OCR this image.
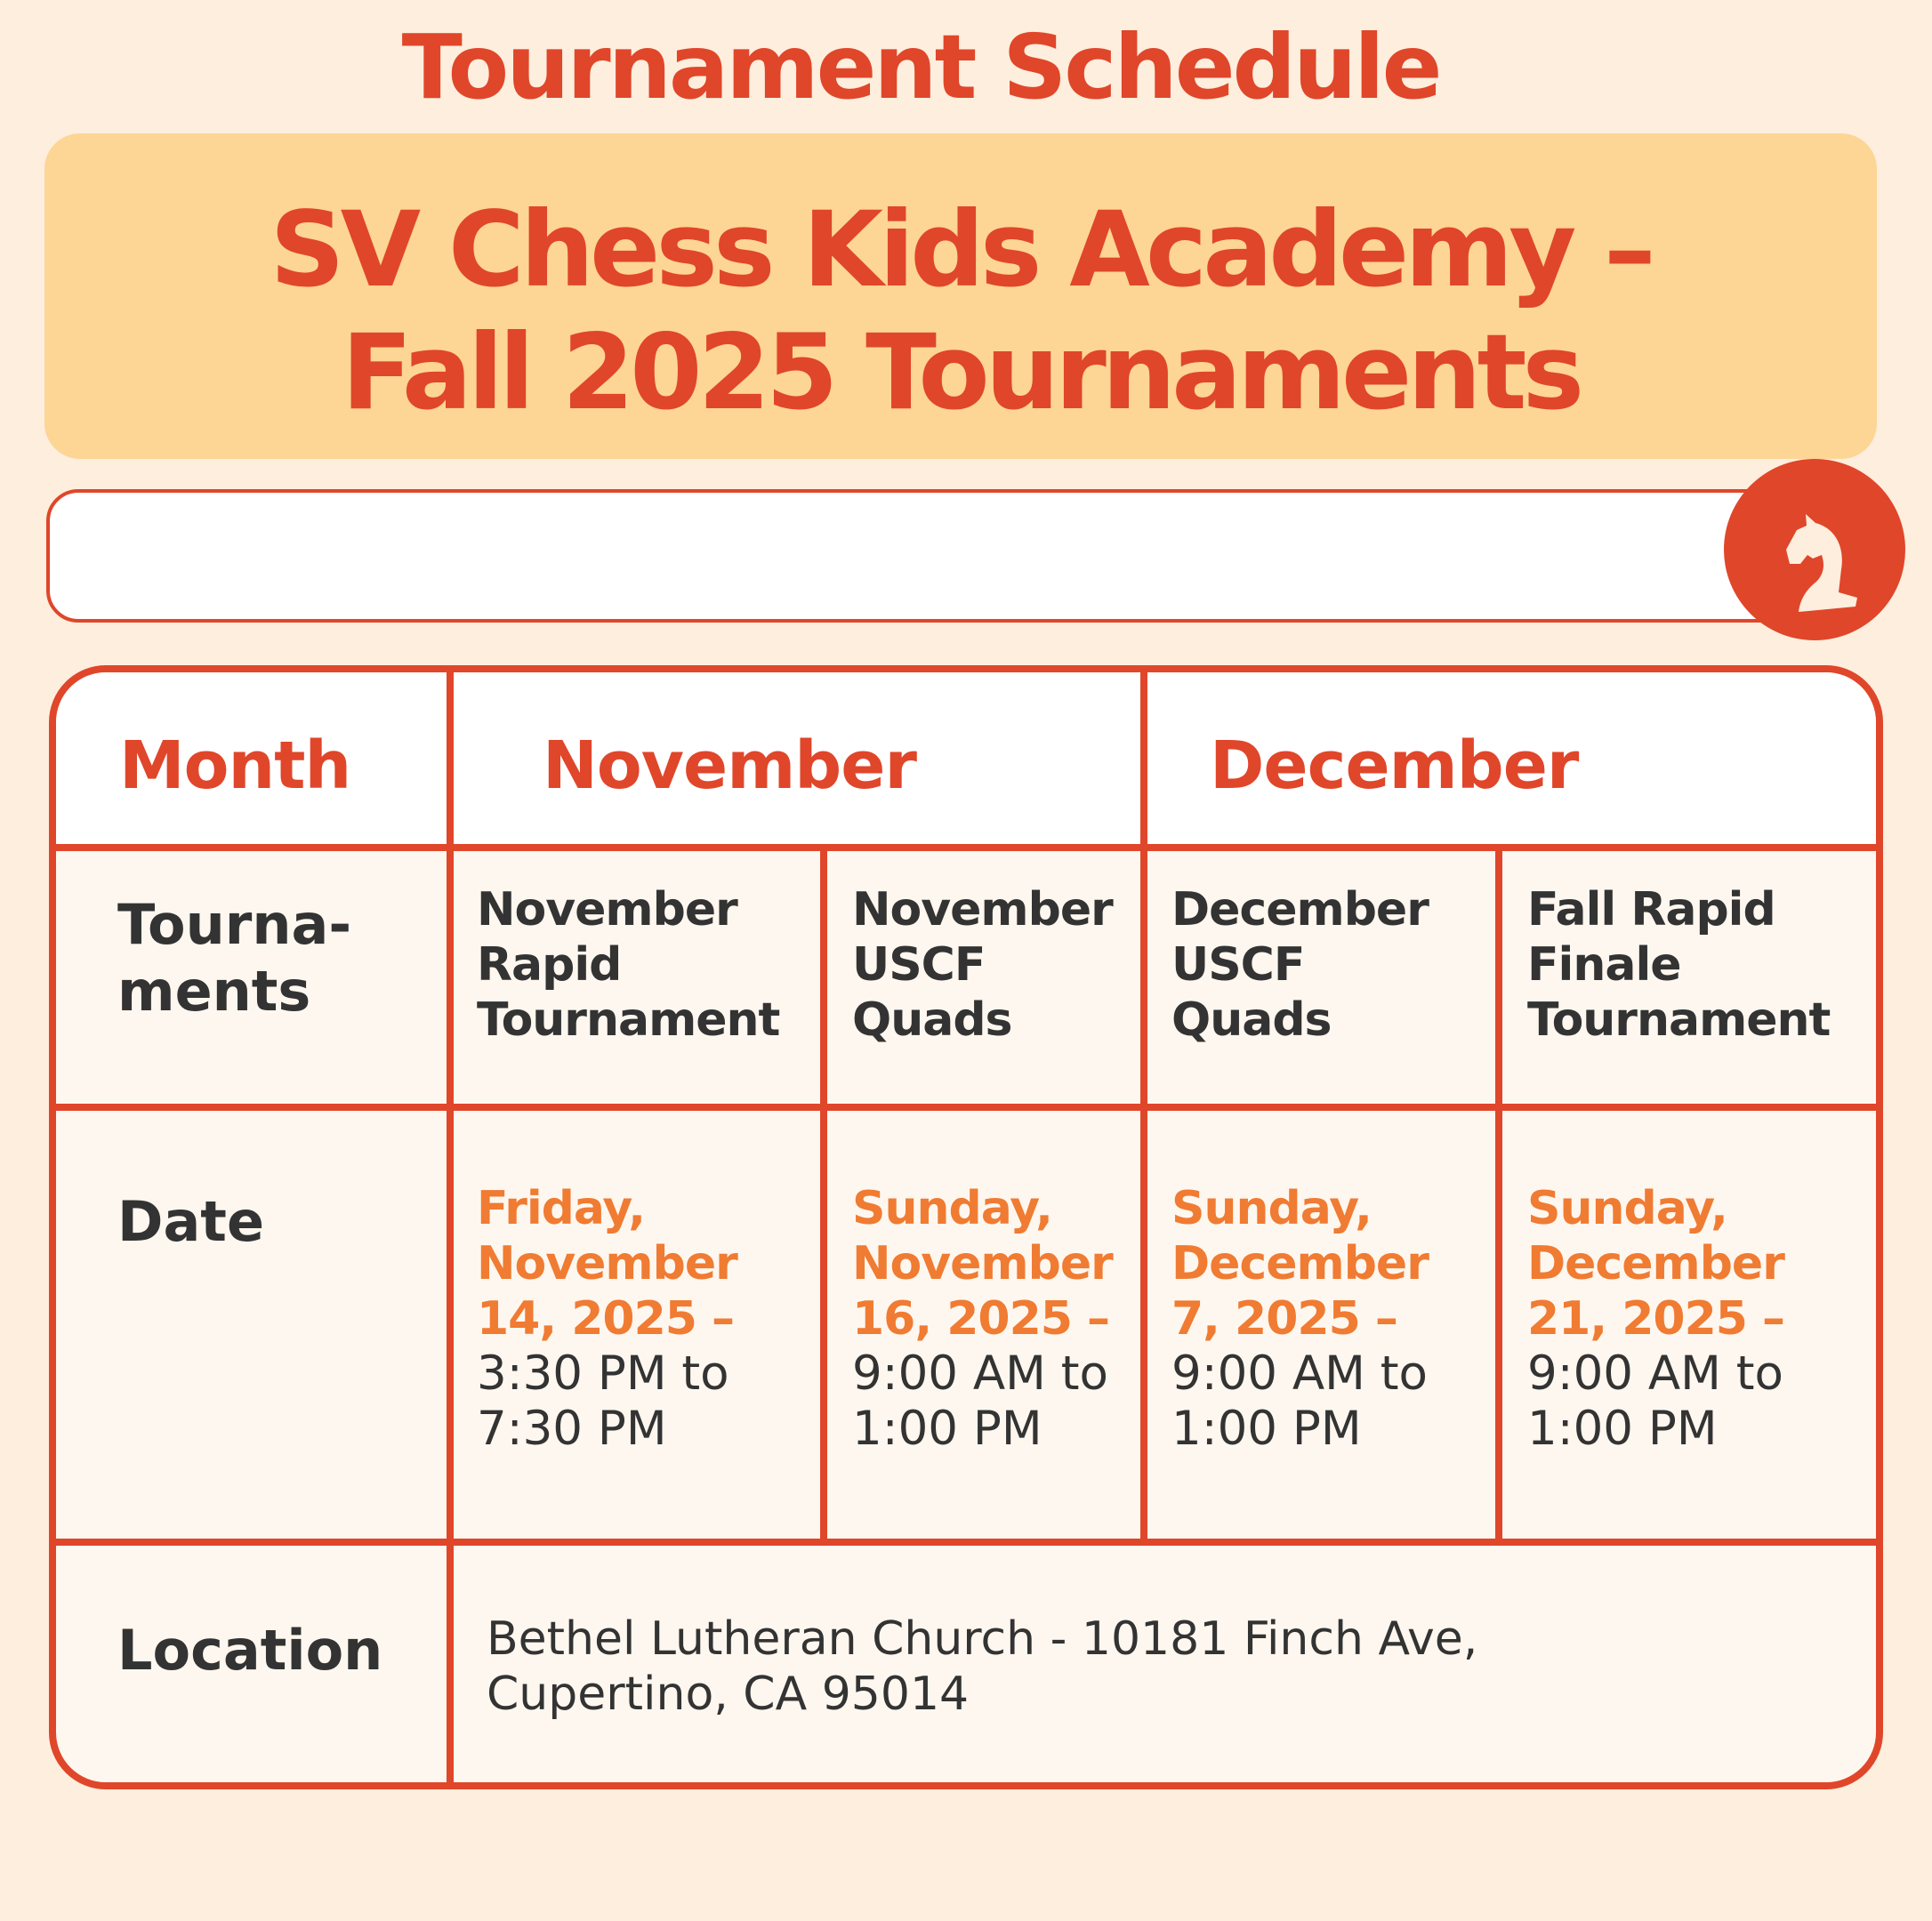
SV Chess Kids Academy –
Fall 2025 Tournaments
Tournament Schedule
Month	November	December
Tourna-
ments
Date
Location
November
Rapid
Tournament
November
USCF
Quads
December
USCF
Quads
Fall Rapid
Finale
Tournament
Friday,
November
14, 2025 –
3:30 PM to
7:30 PM
Sunday,
November
16, 2025 –
9:00 AM to
1:00 PM
Sunday,
December
7, 2025 –
9:00 AM to
1:00 PM
Sunday,
December
21, 2025 –
9:00 AM to
1:00 PM
Bethel Lutheran Church - 10181 Finch Ave,
Cupertino, CA 95014
